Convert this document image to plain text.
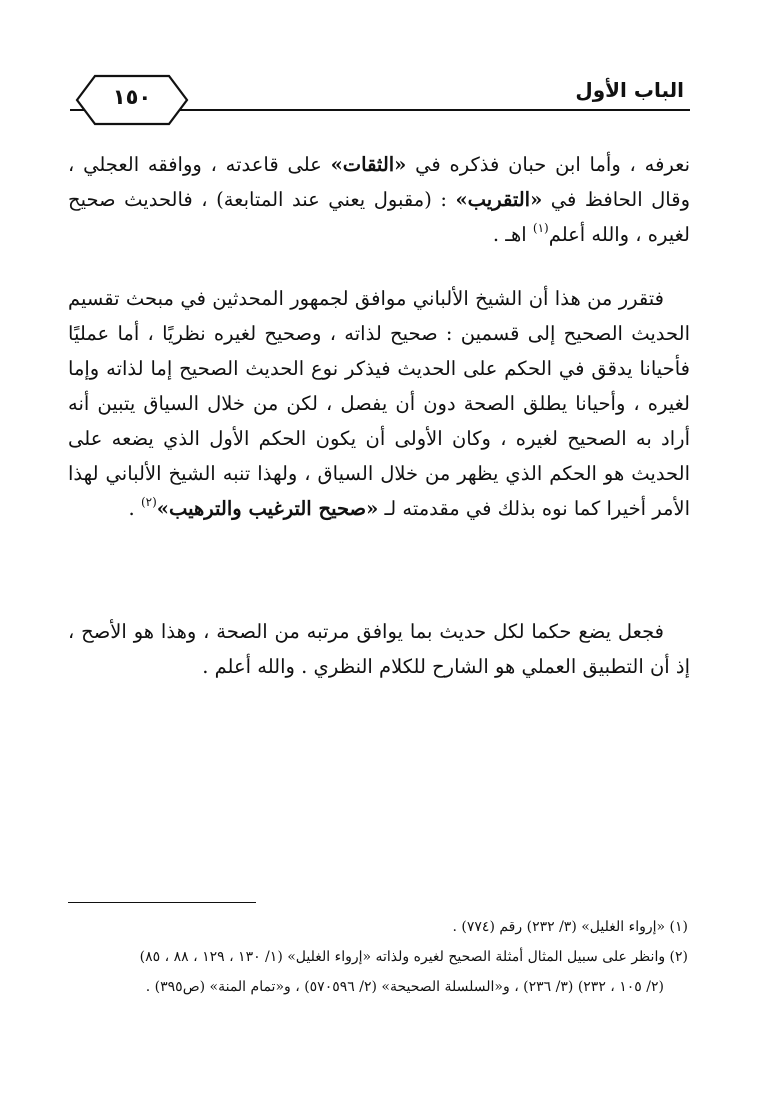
١٥٠	الباب الأول

نعرفه ، وأما ابن حبان فذكره في «الثقات» على قاعدته ، ووافقه العجلي ، وقال الحافظ في «التقريب» : (مقبول يعني عند المتابعة) ، فالحديث صحيح لغيره ، والله أعلم$^{(١)}$ اهـ .

فتقرر من هذا أن الشيخ الألباني موافق لجمهور المحدثين في مبحث تقسيم الحديث الصحيح إلى قسمين : صحيح لذاته ، وصحيح لغيره نظريًا ، أما عمليًا فأحيانا يدقق في الحكم على الحديث فيذكر نوع الحديث الصحيح إما لذاته وإما لغيره ، وأحيانا يطلق الصحة دون أن يفصل ، لكن من خلال السياق يتبين أنه أراد به الصحيح لغيره ، وكان الأولى أن يكون الحكم الأول الذي يضعه على الحديث هو الحكم الذي يظهر من خلال السياق ، ولهذا تنبه الشيخ الألباني لهذا الأمر أخيرا كما نوه بذلك في مقدمته لـ «صحيح الترغيب والترهيب»$^{(٢)}$ .

فجعل يضع حكما لكل حديث بما يوافق مرتبه من الصحة ، وهذا هو الأصح ، إذ أن التطبيق العملي هو الشارح للكلام النظري . والله أعلم .

(١) «إرواء الغليل» (٣/ ٢٣٢) رقم (٧٧٤) .

(٢) وانظر على سبيل المثال أمثلة الصحيح لغيره ولذاته «إرواء الغليل» (١/ ١٣٠ ، ١٢٩ ، ٨٨ ، ٨٥)

(٢/ ١٠٥ ، ٢٣٢) (٣/ ٢٣٦) ، و«السلسلة الصحيحة» (٢/ ٥٧٠٥٩٦) ، و«تمام المنة» (ص٣٩٥) .
